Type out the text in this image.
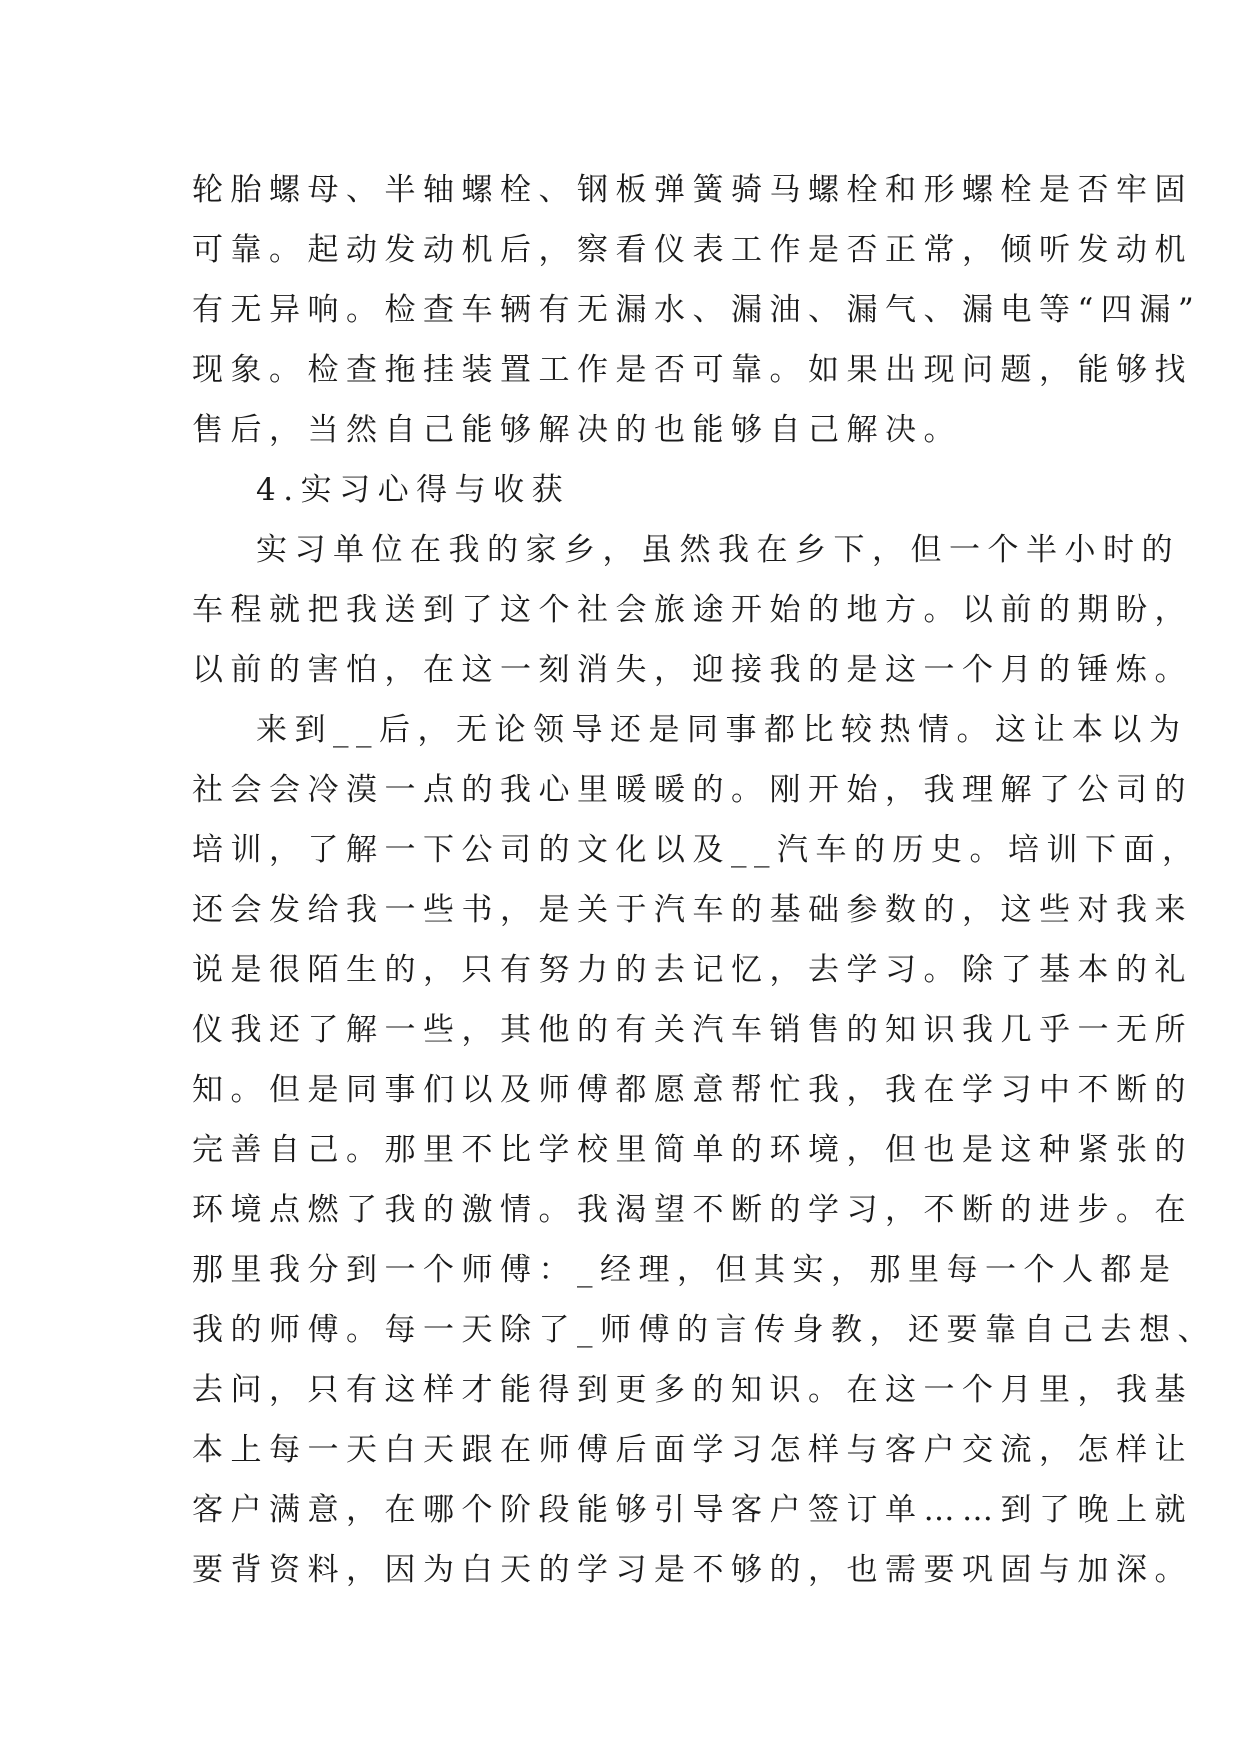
轮胎螺母、半轴螺栓、钢板弹簧骑马螺栓和形螺栓是否牢固
可靠。起动发动机后，察看仪表工作是否正常，倾听发动机
有无异响。检查车辆有无漏水、漏油、漏气、漏电等“四漏”
现象。检查拖挂装置工作是否可靠。如果出现问题，能够找
售后，当然自己能够解决的也能够自己解决。
4.实习心得与收获
实习单位在我的家乡，虽然我在乡下，但一个半小时的
车程就把我送到了这个社会旅途开始的地方。以前的期盼，
以前的害怕，在这一刻消失，迎接我的是这一个月的锤炼。
来到__后，无论领导还是同事都比较热情。这让本以为
社会会冷漠一点的我心里暖暖的。刚开始，我理解了公司的
培训，了解一下公司的文化以及__汽车的历史。培训下面，
还会发给我一些书，是关于汽车的基础参数的，这些对我来
说是很陌生的，只有努力的去记忆，去学习。除了基本的礼
仪我还了解一些，其他的有关汽车销售的知识我几乎一无所
知。但是同事们以及师傅都愿意帮忙我，我在学习中不断的
完善自己。那里不比学校里简单的环境，但也是这种紧张的
环境点燃了我的激情。我渴望不断的学习，不断的进步。在
那里我分到一个师傅：_经理，但其实，那里每一个人都是
我的师傅。每一天除了_师傅的言传身教，还要靠自己去想、
去问，只有这样才能得到更多的知识。在这一个月里，我基
本上每一天白天跟在师傅后面学习怎样与客户交流，怎样让
客户满意，在哪个阶段能够引导客户签订单……到了晚上就
要背资料，因为白天的学习是不够的，也需要巩固与加深。
